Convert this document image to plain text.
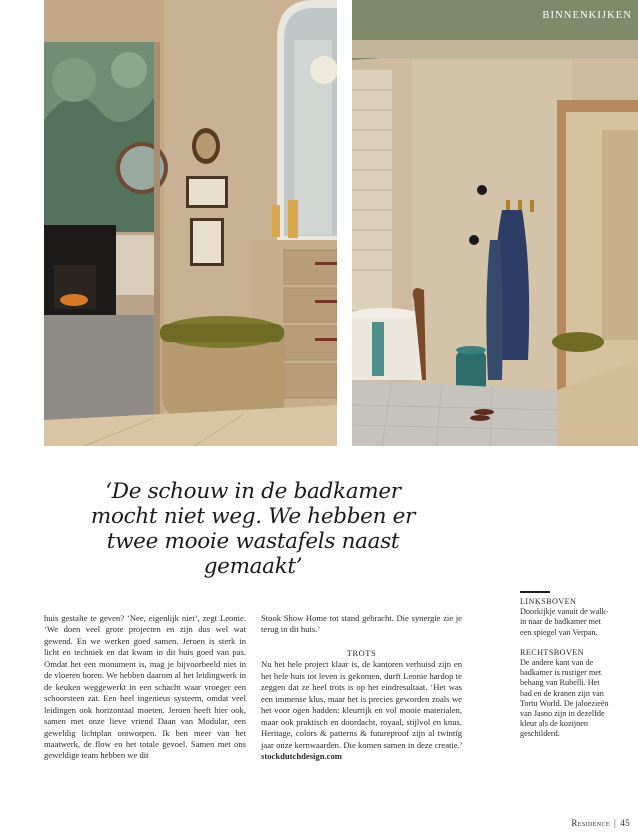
BINNENKIJKEN
‘De schouw in de badkamer mocht niet weg. We hebben er twee mooie wastafels naast gemaakt’

huis gestalte te geven? ‘Nee, eigenlijk niet’, zegt Leonie. ‘We doen veel grote projecten en zijn dus wel wat gewend. En we werken goed samen. Jeroen is sterk in licht en techniek en dat kwam in dit huis goed van pas. Omdat het een monument is, mag je bijvoorbeeld niet in de vloeren boren. We hebben daarom al het leidingwerk in de keuken weggewerkt in een schacht waar vroeger een schoorsteen zat. Een heel ingenieus systeem, omdat veel leidingen ook horizontaal moeten. Jeroen heeft hier ook, samen met onze lieve vriend Daan van Modular, een geweldig lichtplan ontworpen. Ik ben meer van het maatwerk, de flow en het totale gevoel. Samen met ons geweldige team hebben we dit

Stook Show Home tot stand gebracht. Die synergie zie je terug in dit huis.’

TROTS

Nu het hele project klaar is, de kantoren verhuisd zijn en het hele huis tot leven is gekomen, durft Leonie hardop te zeggen dat ze heel trots is op het eindresultaat. ‘Het was een immense klus, maar het is precies geworden zoals we het voor ogen hadden: kleurrijk en vol mooie materialen, maar ook praktisch en doordacht, royaal, stijlvol en knus. Heritage, colors & patterns & futureproof zijn al twintig jaar onze kernwaarden. Die komen samen in deze creatie.’ stockdutchdesign.com

LINKSBOVEN
Doorkijkje vanuit de walk-in naar de badkamer met een spiegel van Verpan.
RECHTSBOVEN
De andere kant van de badkamer is rustiger met behang van Rubelli. Het bad en de kranen zijn van Tortu World. De jaloezieën van Jasno zijn in dezelfde kleur als de kozijnen geschilderd.
Residence | 45
